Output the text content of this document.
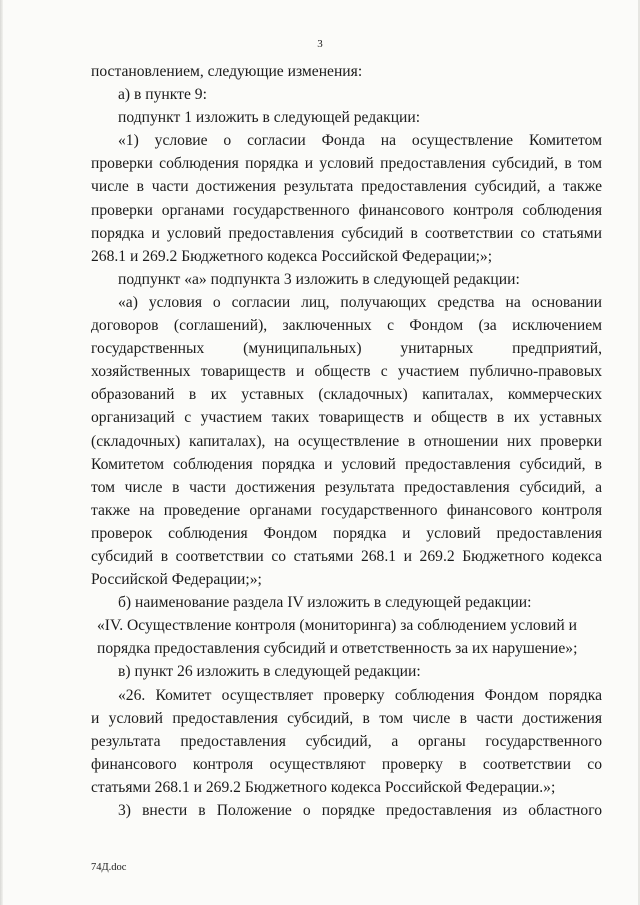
3
постановлением, следующие изменения:
а) в пункте 9:
подпункт 1 изложить в следующей редакции:
«1) условие о согласии Фонда на осуществление Комитетом
проверки соблюдения порядка и условий предоставления субсидий, в том
числе в части достижения результата предоставления субсидий, а также
проверки органами государственного финансового контроля соблюдения
порядка и условий предоставления субсидий в соответствии со статьями
268.1 и 269.2 Бюджетного кодекса Российской Федерации;»;
подпункт «а» подпункта 3 изложить в следующей редакции:
«а) условия о согласии лиц, получающих средства на основании
договоров (соглашений), заключенных с Фондом (за исключением
государственных (муниципальных) унитарных предприятий,
хозяйственных товариществ и обществ с участием публично-правовых
образований в их уставных (складочных) капиталах, коммерческих
организаций с участием таких товариществ и обществ в их уставных
(складочных) капиталах), на осуществление в отношении них проверки
Комитетом соблюдения порядка и условий предоставления субсидий, в
том числе в части достижения результата предоставления субсидий, а
также на проведение органами государственного финансового контроля
проверок соблюдения Фондом порядка и условий предоставления
субсидий в соответствии со статьями 268.1 и 269.2 Бюджетного кодекса
Российской Федерации;»;
б) наименование раздела IV изложить в следующей редакции:
«IV. Осуществление контроля (мониторинга) за соблюдением условий и
порядка предоставления субсидий и ответственность за их нарушение»;
в) пункт 26 изложить в следующей редакции:
«26. Комитет осуществляет проверку соблюдения Фондом порядка
и условий предоставления субсидий, в том числе в части достижения
результата предоставления субсидий, а органы государственного
финансового контроля осуществляют проверку в соответствии со
статьями 268.1 и 269.2 Бюджетного кодекса Российской Федерации.»;
3) внести в Положение о порядке предоставления из областного
74Д.doc
